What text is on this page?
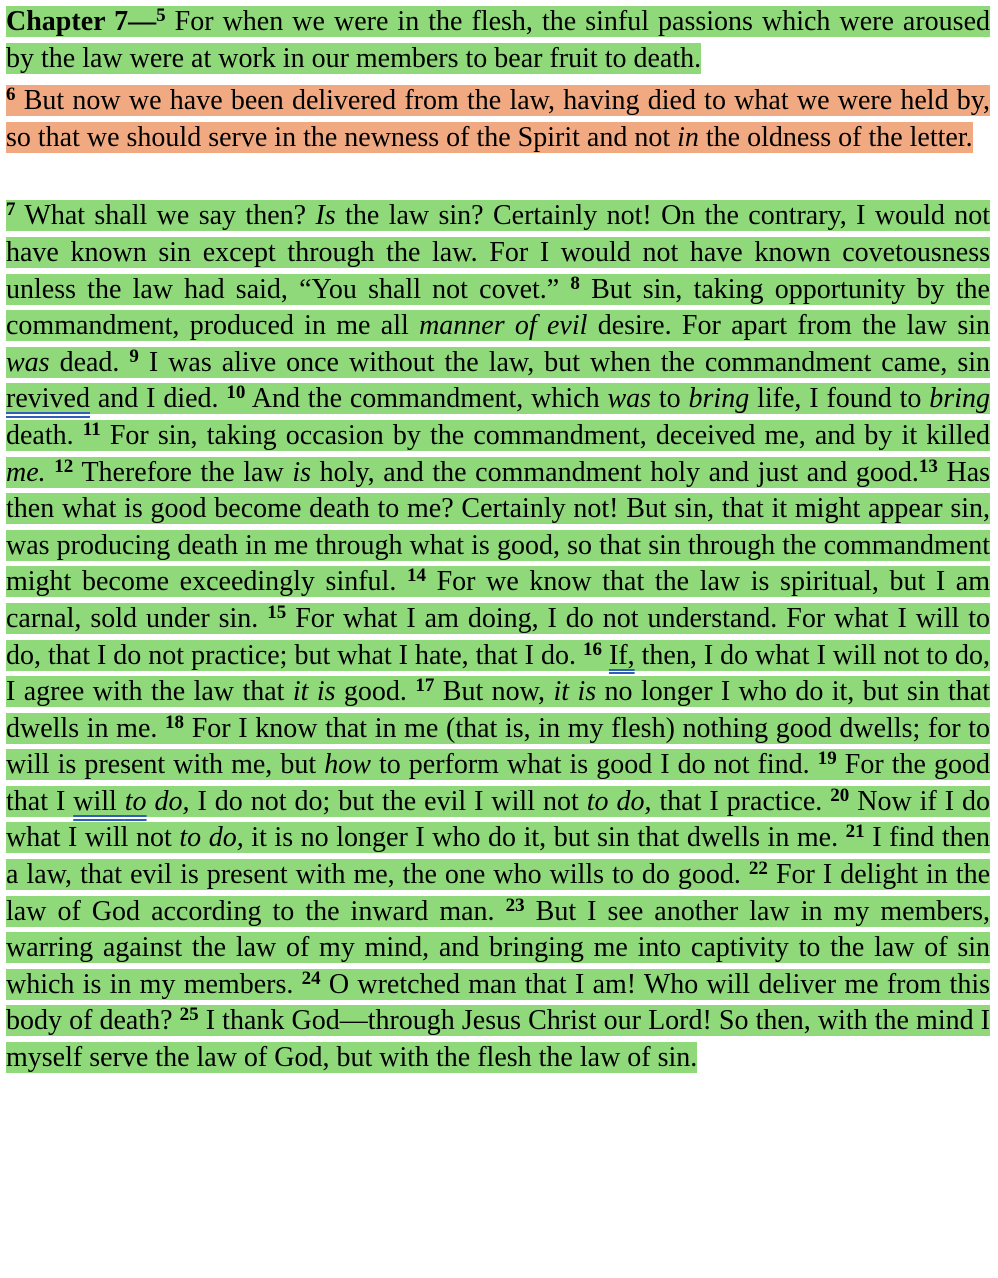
Chapter 7—$^5$ For when we were in the flesh, the sinful passions which were aroused by the law were at work in our members to bear fruit to death.

$^6$ But now we have been delivered from the law, having died to what we were held by, so that we should serve in the newness of the Spirit and not in the oldness of the letter.

$^7$ What shall we say then? Is the law sin? Certainly not! On the contrary, I would not have known sin except through the law. For I would not have known covetousness unless the law had said, “You shall not covet.” $^8$ But sin, taking opportunity by the commandment, produced in me all manner of evil desire. For apart from the law sin was dead. $^9$ I was alive once without the law, but when the commandment came, sin revived and I died. $^{10}$ And the commandment, which was to bring life, I found to bring death. $^{11}$ For sin, taking occasion by the commandment, deceived me, and by it killed me. $^{12}$ Therefore the law is holy, and the commandment holy and just and good.$^{13}$ Has then what is good become death to me? Certainly not! But sin, that it might appear sin, was producing death in me through what is good, so that sin through the commandment might become exceedingly sinful. $^{14}$ For we know that the law is spiritual, but I am carnal, sold under sin. $^{15}$ For what I am doing, I do not understand. For what I will to do, that I do not practice; but what I hate, that I do. $^{16}$ If, then, I do what I will not to do, I agree with the law that it is good. $^{17}$ But now, it is no longer I who do it, but sin that dwells in me. $^{18}$ For I know that in me (that is, in my flesh) nothing good dwells; for to will is present with me, but how to perform what is good I do not find. $^{19}$ For the good that I will to do, I do not do; but the evil I will not to do, that I practice. $^{20}$ Now if I do what I will not to do, it is no longer I who do it, but sin that dwells in me. $^{21}$ I find then a law, that evil is present with me, the one who wills to do good. $^{22}$ For I delight in the law of God according to the inward man. $^{23}$ But I see another law in my members, warring against the law of my mind, and bringing me into captivity to the law of sin which is in my members. $^{24}$ O wretched man that I am! Who will deliver me from this body of death? $^{25}$ I thank God—through Jesus Christ our Lord! So then, with the mind I myself serve the law of God, but with the flesh the law of sin.
